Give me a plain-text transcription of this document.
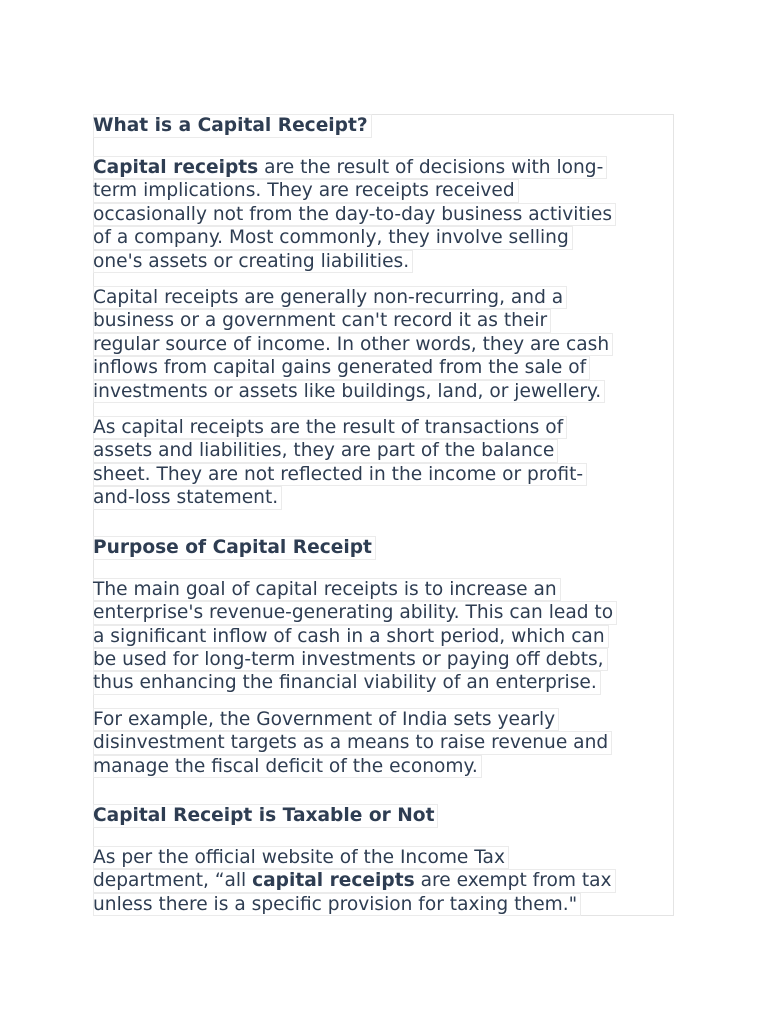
What is a Capital Receipt?

Capital receipts are the result of decisions with long-
term implications. They are receipts received
occasionally not from the day-to-day business activities
of a company. Most commonly, they involve selling
one's assets or creating liabilities.

Capital receipts are generally non-recurring, and a
business or a government can't record it as their
regular source of income. In other words, they are cash
inflows from capital gains generated from the sale of
investments or assets like buildings, land, or jewellery.

As capital receipts are the result of transactions of
assets and liabilities, they are part of the balance
sheet. They are not reflected in the income or profit-
and-loss statement.

Purpose of Capital Receipt

The main goal of capital receipts is to increase an
enterprise's revenue-generating ability. This can lead to
a significant inflow of cash in a short period, which can
be used for long-term investments or paying off debts,
thus enhancing the financial viability of an enterprise.

For example, the Government of India sets yearly
disinvestment targets as a means to raise revenue and
manage the fiscal deficit of the economy.

Capital Receipt is Taxable or Not

As per the official website of the Income Tax
department, “all capital receipts are exempt from tax
unless there is a specific provision for taxing them."
